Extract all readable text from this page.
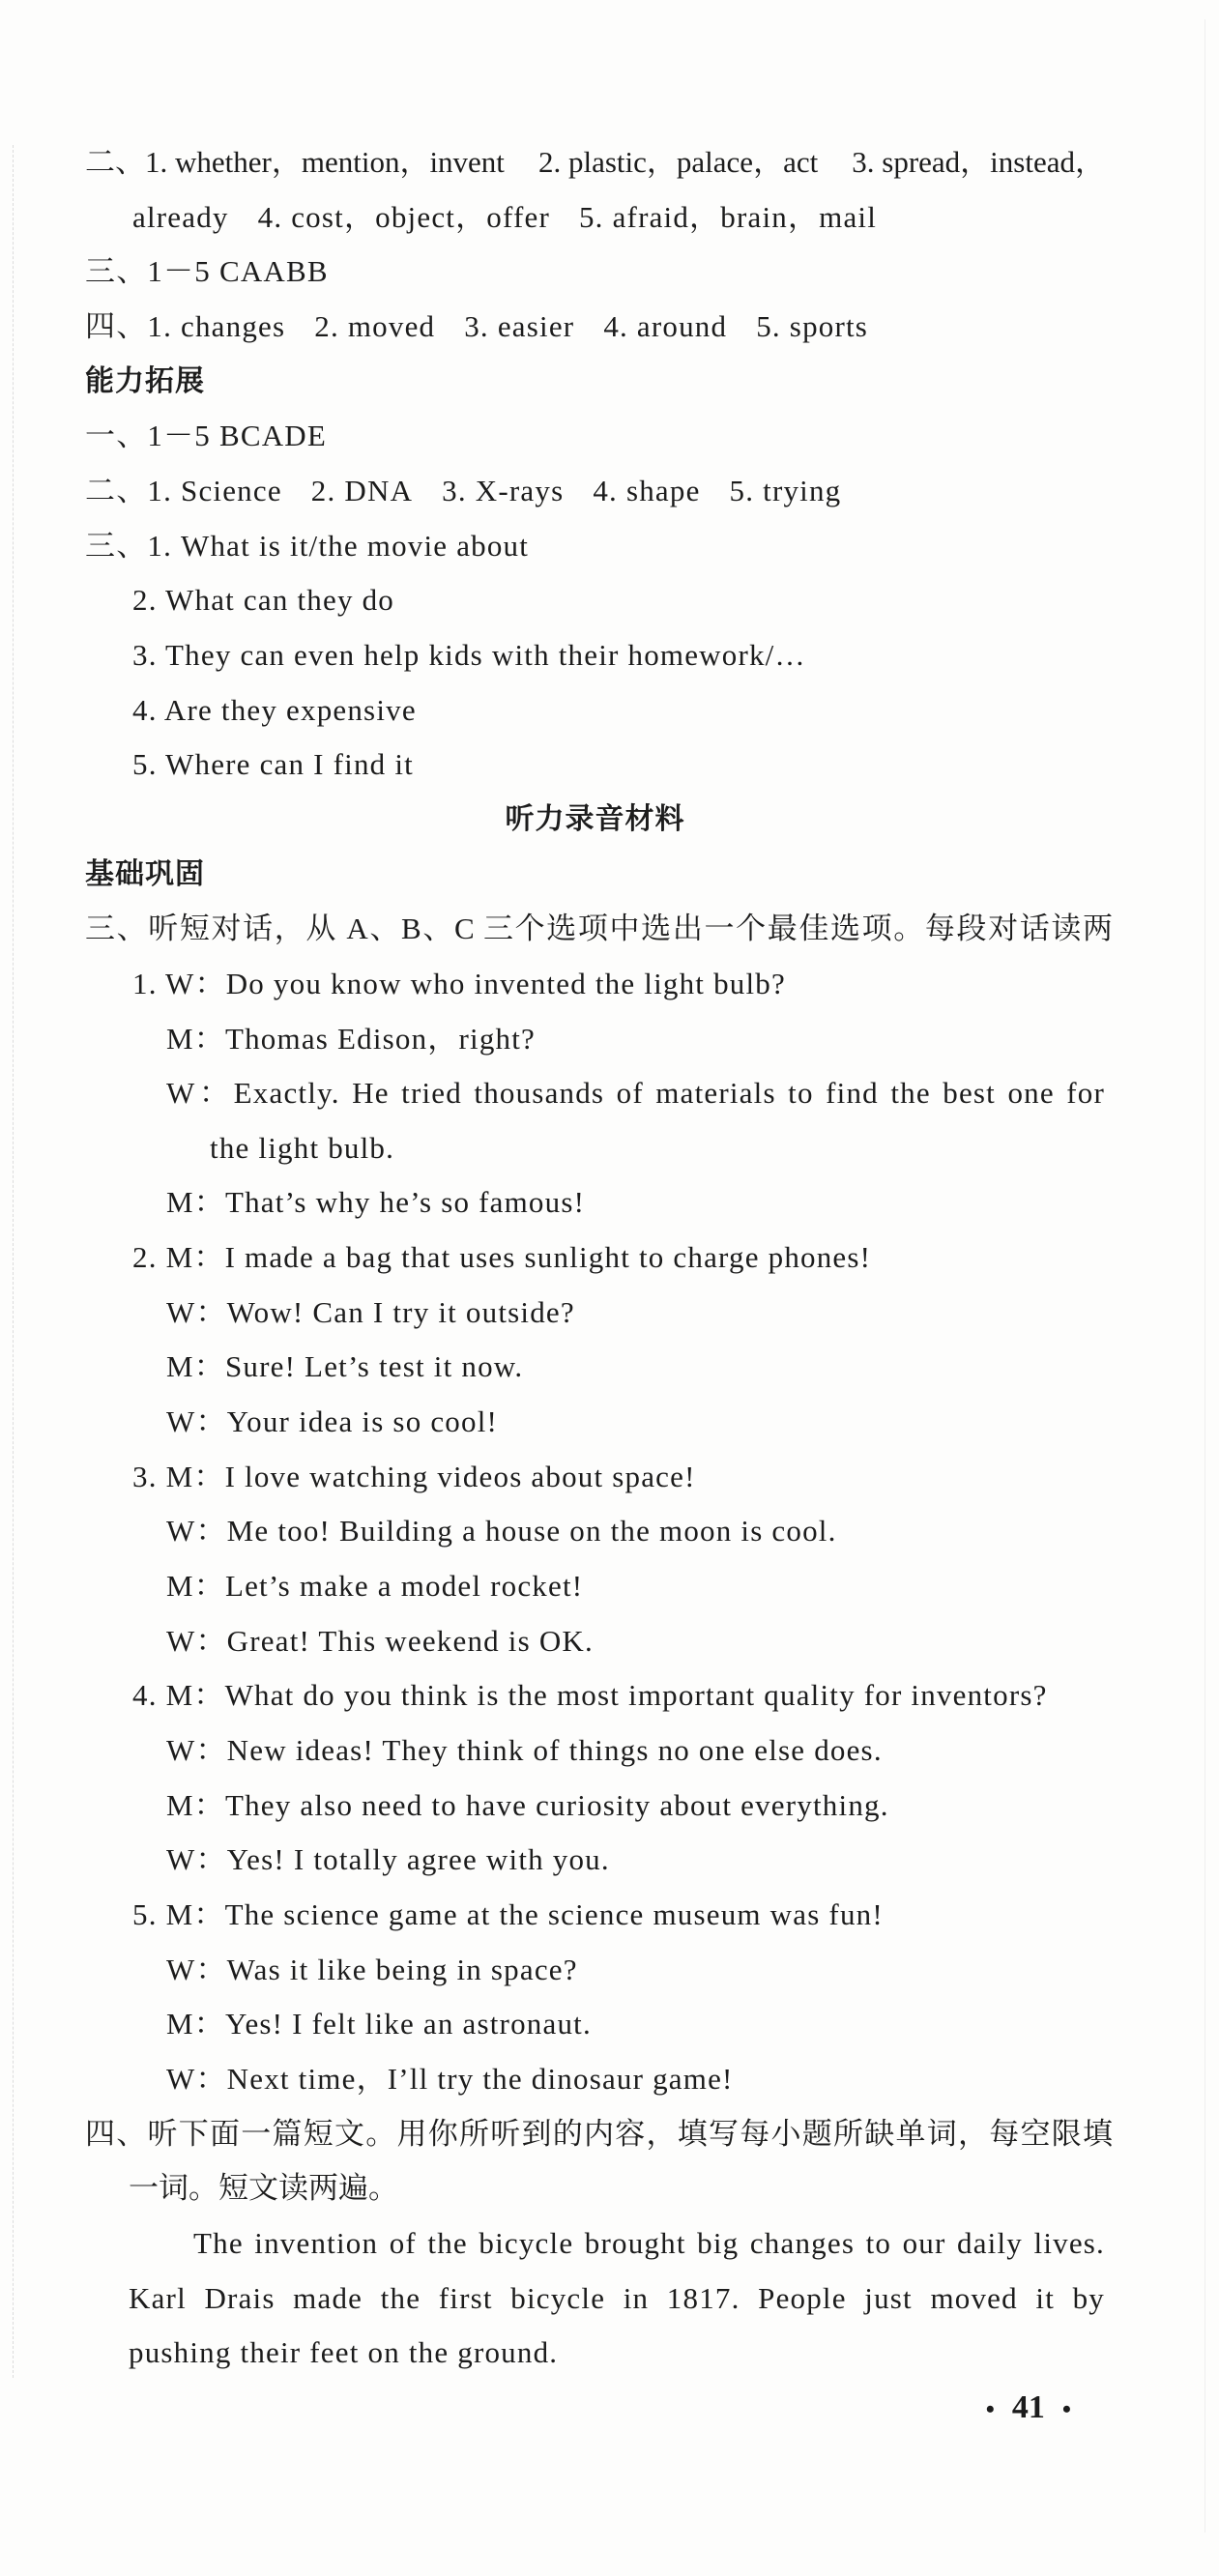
二、1. whether，mention，invent 2. plastic，palace，act 3. spread，instead，
already 4. cost，object，offer 5. afraid，brain，mail
三、1－5 CAABB
四、1. changes 2. moved 3. easier 4. around 5. sports
能力拓展
一、1－5 BCADE
二、1. Science 2. DNA 3. X-rays 4. shape 5. trying
三、1. What is it/the movie about
2. What can they do
3. They can even help kids with their homework/…
4. Are they expensive
5. Where can I find it
听力录音材料
基础巩固
三、听短对话，从 A、B、C 三个选项中选出一个最佳选项。每段对话读两
1. W：Do you know who invented the light bulb?
M：Thomas Edison，right?
W：Exactly. He tried thousands of materials to find the best one for
the light bulb.
M：That’s why he’s so famous!
2. M：I made a bag that uses sunlight to charge phones!
W：Wow! Can I try it outside?
M：Sure! Let’s test it now.
W：Your idea is so cool!
3. M：I love watching videos about space!
W：Me too! Building a house on the moon is cool.
M：Let’s make a model rocket!
W：Great! This weekend is OK.
4. M：What do you think is the most important quality for inventors?
W：New ideas! They think of things no one else does.
M：They also need to have curiosity about everything.
W：Yes! I totally agree with you.
5. M：The science game at the science museum was fun!
W：Was it like being in space?
M：Yes! I felt like an astronaut.
W：Next time，I’ll try the dinosaur game!
四、听下面一篇短文。用你所听到的内容，填写每小题所缺单词，每空限填
一词。短文读两遍。
The invention of the bicycle brought big changes to our daily lives.
Karl Drais made the first bicycle in 1817. People just moved it by
pushing their feet on the ground.
• 41 •
